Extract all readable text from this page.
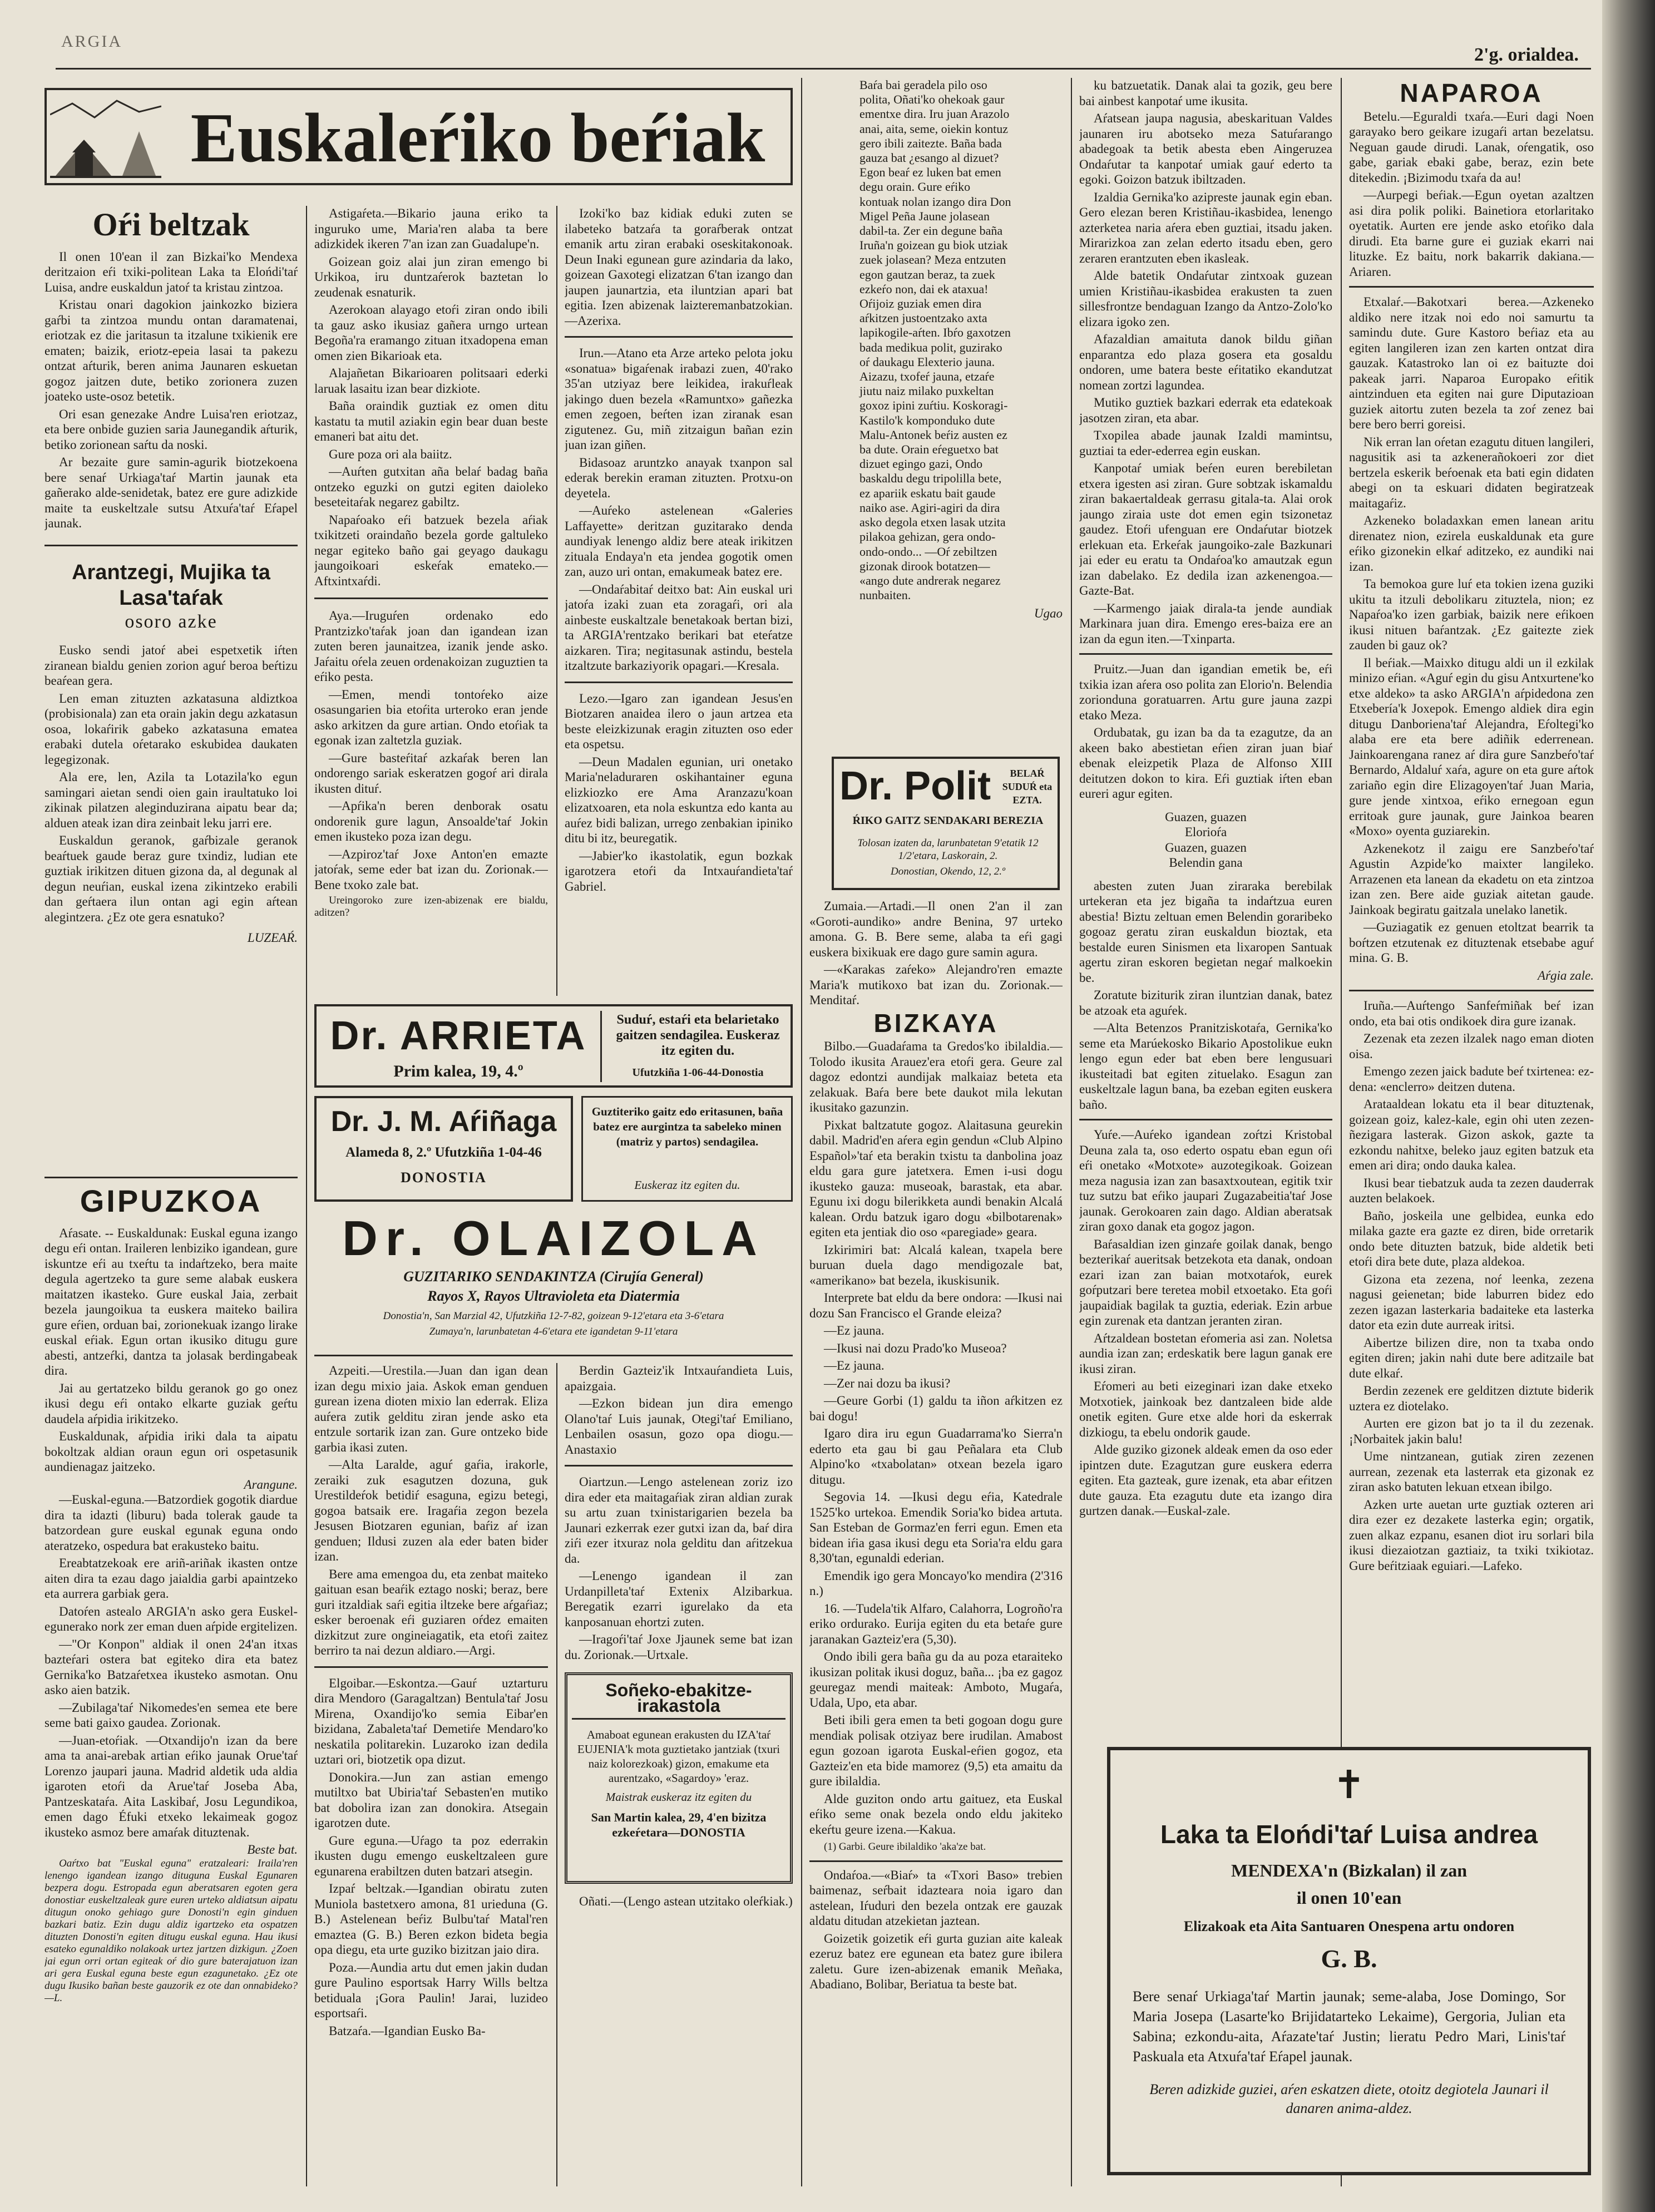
ARGIA
2'g. orialdea.
Euskaleŕiko beŕiak
Oŕi beltzak

Il onen 10'ean il zan Bizkai'ko Mendexa deritzaion eŕi txiki-politean Laka ta Elońdi'taŕ Luisa, andre euskaldun jatoŕ ta kristau zintzoa.

Kristau onari dagokion jainkozko biziera gaŕbi ta zintzoa mundu ontan daramatenai, eriotzak ez die jaritasun ta itzalune txikienik ere ematen; baizik, eriotz-epeia lasai ta pakezu ontzat aŕturik, beren anima Jaunaren eskuetan gogoz jaitzen dute, betiko zorionera zuzen joateko uste-osoz betetik.

Ori esan genezake Andre Luisa'ren eriotzaz, eta bere onbide guzien saria Jaunegandik aŕturik, betiko zorionean saŕtu da noski.

Ar bezaite gure samin-agurik biotzekoena bere senaŕ Urkiaga'taŕ Martin jaunak eta gañerako alde-senidetak, batez ere gure adizkide maite ta euskeltzale sutsu Atxuŕa'taŕ Eŕapel jaunak.

Arantzegi, Mujika ta Lasa'taŕak
osoro azke

Eusko sendi jatoŕ abei espetxetik iŕten ziranean bialdu genien zorion aguŕ beroa beŕtizu beaŕean gera.

Len eman zituzten azkatasuna aldiztkoa (probisionala) zan eta orain jakin degu azkatasun osoa, lokaŕirik gabeko azkatasuna ematea erabaki dutela oŕetarako eskubidea daukaten legegizonak.

Ala ere, len, Azila ta Lotazila'ko egun samingari aietan sendi oien gain iraultatuko loi zikinak pilatzen aleginduzirana aipatu bear da; alduen ateak izan dira zeinbait leku jarri ere.

Euskaldun geranok, gaŕbizale geranok beaŕtuek gaude beraz gure txindiz, ludian ete guztiak irikitzen dituen gizona da, al degunak al degun neuŕian, euskal izena zikintzeko erabili dan geŕtaera ilun ontan agi egin aŕtean alegintzera. ¿Ez ote gera esnatuko?

LUZEAŔ.
GIPUZKOA

Aŕasate. -- Euskaldunak: Euskal eguna izango degu eŕi ontan. Iraileren lenbiziko igandean, gure iskuntze eŕi au txeŕtu ta indaŕtzeko, bera maite degula agertzeko ta gure seme alabak euskera maitatzen ikasteko. Gure euskal Jaia, zerbait bezela jaungoikua ta euskera maiteko bailira gure eŕien, orduan bai, zorionekuak izango lirake euskal eŕiak. Egun ortan ikusiko ditugu gure abesti, antzeŕki, dantza ta jolasak berdingabeak dira.

Jai au gertatzeko bildu geranok go go onez ikusi degu eŕi ontako elkarte guziak geŕtu daudela aŕpidia irikitzeko.

Euskaldunak, aŕpidia iriki dala ta aipatu bokoltzak aldian oraun egun ori ospetasunik aundienagaz jaitzeko.

Arangune.

—Euskal-eguna.—Batzordiek gogotik diardue dira ta idazti (liburu) bada tolerak gaude ta batzordean gure euskal egunak eguna ondo ateratzeko, ospedura bat erakusteko baitu.

Ereabtatzekoak ere ariñ-ariñak ikasten ontze aiten dira ta ezau dago jaialdia garbi apaintzeko eta aurrera garbiak gera.

Datoŕen astealo ARGIA'n asko gera Euskel-egunerako nork zer eman duen aŕpide ergitelizen.

—"Or Konpon" aldiak il onen 24'an itxas bazteŕari ostera bat egiteko dira eta batez Gernika'ko Batzaŕetxea ikusteko asmotan. Onu asko aien batzik.

—Zubilaga'taŕ Nikomedes'en semea ete bere seme bati gaixo gaudea. Zorionak.

—Juan-etoŕiak. —Otxandijo'n izan da bere ama ta anai-arebak artian eŕiko jaunak Orue'taŕ Lorenzo jaupari jauna. Madrid aldetik uda aldia igaroten etoŕi da Arue'taŕ Joseba Aba, Pantzeskataŕa. Aita Laskibaŕ, Josu Legundikoa, emen dago Éfuki etxeko lekaimeak gogoz ikusteko asmoz bere amaŕak dituztenak.

Beste bat.

Oaŕtxo bat "Euskal eguna" eratzaleari: Iraila'ren lenengo igandean izango dituguna Euskal Egunaren bezpera dogu. Estropada egun aberatsaren egoten gera donostiar euskeltzaleak gure euren urteko aldiatsun aipatu ditugun onoko gehiago gure Donosti'n egin ginduen bazkari batiz. Ezin dugu aldiz igartzeko eta ospatzen dituzten Donosti'n egiten ditugu euskal eguna. Hau ikusi esateko egunaldiko nolakoak urtez jartzen dizkigun. ¿Zoen jai egun orri ortan egiteak oŕ dio gure baterajatuon izan ari gera Euskal eguna beste egun ezagunetako. ¿Ez ote dugu Ikusiko bañan beste gauzorik ez ote dan onnabideko?—L.

Astigaŕeta.—Bikario jauna eriko ta inguruko ume, Maria'ren alaba ta bere adizkidek ikeren 7'an izan zan Guadalupe'n.

Goizean goiz alai jun ziran emengo bi Urkikoa, iru duntzaŕerok baztetan lo zeudenak esnaturik.

Azerokoan alayago etoŕi ziran ondo ibili ta gauz asko ikusiaz gañera urngo urtean Begoña'ra eramango zituan itxadopena eman omen zien Bikarioak eta.

Alajañetan Bikarioaren politsaari ederki laruak lasaitu izan bear dizkiote.

Baña oraindik guztiak ez omen ditu kastatu ta mutil aziakin egin bear duan beste emaneri bat aitu det.

Gure poza ori ala baiitz.

—Auŕten gutxitan aña belaŕ badag baña ontzeko eguzki on gutzi egiten daioleko beseteitaŕak negarez gabiltz.

Napaŕoako eŕi batzuek bezela aŕiak txikitzeti oraindaño bezela gorde galtuleko negar egiteko baño gai geyago daukagu jaungoikoari eskeŕak emateko.—Aftxintxaŕdi.

Aya.—Iruguŕen ordenako edo Prantzizko'taŕak joan dan igandean izan zuten beren jaunaitzea, izanik jende asko. Jaŕaitu oŕela zeuen ordenakoizan zuguztien ta eŕiko pesta.

—Emen, mendi tontoŕeko aize osasungarien bia etoŕita urteroko eran jende asko arkitzen da gure artian. Ondo etoŕiak ta egonak izan zaltetzla guziak.

—Gure basteŕitaŕ azkaŕak beren lan ondorengo sariak eskeratzen gogoŕ ari dirala ikusten dituŕ.

—Apŕika'n beren denborak osatu ondorenik gure lagun, Ansoalde'taŕ Jokin emen ikusteko poza izan degu.

—Azpiroz'taŕ Joxe Anton'en emazte jatoŕak, seme eder bat izan du. Zorionak.—Bene txoko zale bat.

Ureingoroko zure izen-abizenak ere bialdu, aditzen?

Izoki'ko baz kidiak eduki zuten se ilabeteko batzaŕa ta goraŕberak ontzat emanik artu ziran erabaki oseskitakonoak. Deun Inaki egunean gure azindaria da lako, goizean Gaxotegi elizatzan 6'tan izango dan jaupen jaunartzia, eta iluntzian apari bat egitia. Izen abizenak laizteremanbatzokian.—Azerixa.

Irun.—Atano eta Arze arteko pelota joku «sonatua» bigaŕenak irabazi zuen, 40'rako 35'an utziyaz bere leikidea, irakuŕleak jakingo duen bezela «Ramuntxo» gañezka emen zegoen, beŕten izan ziranak esan zigutenez. Gu, miñ zitzaigun bañan ezin juan izan giñen.

Bidasoaz aruntzko anayak txanpon sal ederak berekin eraman zituzten. Protxu-on deyetela.

—Auŕeko astelenean «Galeries Laffayette» deritzan guzitarako denda aundiyak lenengo aldiz bere ateak irikitzen zituala Endaya'n eta jendea gogotik omen zan, auzo uri ontan, emakumeak batez ere.

—Ondaŕabitaŕ deitxo bat: Ain euskal uri jatoŕa izaki zuan eta zoragaŕi, ori ala ainbeste euskaltzale benetakoak bertan bizi, ta ARGIA'rentzako berikari bat eteŕatze aizkaren. Tira; negitasunak astindu, bestela itzaltzute barkaziyorik opagari.—Kresala.

Lezo.—Igaro zan igandean Jesus'en Biotzaren anaidea ilero o jaun artzea eta beste eleizkizunak eragin zituzten oso eder eta ospetsu.

—Deun Madalen egunian, uri onetako Maria'neladuraren oskihantainer eguna elizkiozko ere Ama Aranzazu'koan elizatxoaren, eta nola eskuntza edo kanta au auŕez bidi balizan, urrego zenbakian ipiniko ditu bi itz, beuregatik.

—Jabier'ko ikastolatik, egun bozkak igarotzera etoŕi da Intxauŕandieta'taŕ Gabriel.

Dr. ARRIETA
Prim kalea, 19, 4.º
Suduŕ, estaŕi eta belarietako gaitzen sendagilea. Euskeraz itz egiten du.
Ufutzkiña 1-06-44-Donostia
Dr. J. M. Aŕiñaga
Alameda 8, 2.º Ufutzkiña 1-04-46
DONOSTIA
Guztiteriko gaitz edo eritasunen, baña batez ere aurgintza ta sabeleko minen (matriz y partos) sendagilea.
Euskeraz itz egiten du.
Dr. OLAIZOLA
GUZITARIKO SENDAKINTZA (Cirujía General)
Rayos X, Rayos Ultravioleta eta Diatermia
Donostia'n, San Marzial 42, Ufutzkiña 12-7-82, goizean 9-12'etara eta 3-6'etara
Zumaya'n, larunbatetan 4-6'etara ete igandetan 9-11'etara

Azpeiti.—Urestila.—Juan dan igan dean izan degu mixio jaia. Askok eman genduen gurean izena dioten mixio lan ederrak. Eliza auŕera zutik gelditu ziran jende asko eta entzule sortarik izan zan. Gure ontzeko bide garbia ikasi zuten.

—Alta Laralde, aguŕ gaŕia, irakorle, zeraiki zuk esagutzen dozuna, guk Urestildeŕok betidiŕ esaguna, egizu betegi, gogoa batsaik ere. Iragaŕia zegon bezela Jesusen Biotzaren egunian, baŕiz aŕ izan genduen; Ildusi zuzen ala eder baten bider izan.

Bere ama emengoa du, eta zenbat maiteko gaituan esan beaŕik eztago noski; beraz, bere guri itzaldiak saŕi egitia iltzeke bere aŕgaŕiaz; esker beroenak eŕi guziaren oŕdez emaiten dizkitzut zure ongineiagatik, eta etoŕi zaitez berriro ta nai dezun aldiaro.—Argi.

Elgoibar.—Eskontza.—Gauŕ uztarturu dira Mendoro (Garagaltzan) Bentula'taŕ Josu Mirena, Oxandijo'ko semia Eibar'en bizidana, Zabaleta'taŕ Demetiŕe Mendaro'ko neskatila politarekin. Luzaroko izan dedila uztari ori, biotzetik opa dizut.

Donokira.—Jun zan astian emengo mutiltxo bat Ubiria'taŕ Sebasten'en mutiko bat dobolira izan zan donokira. Atsegain igarotzen dute.

Gure eguna.—Uŕago ta poz ederrakin ikusten dugu emengo euskeltzaleen gure egunarena erabiltzen duten batzari atsegin.

Izpaŕ beltzak.—Igandian obiratu zuten Muniola bastetxero amona, 81 urieduna (G. B.) Astelenean beŕiz Bulbu'taŕ Matal'ren emaztea (G. B.) Beren ezkon bideta begia opa diegu, eta urte guziko bizitzan jaio dira.

Poza.—Aundia artu dut emen jakin dudan gure Paulino esportsak Harry Wills beltza betiduala ¡Gora Paulin! Jarai, luzideo esportsaŕi.

Batzaŕa.—Igandian Eusko Ba-

Berdin Gazteiz'ik Intxauŕandieta Luis, apaizgaia.

—Ezkon bidean jun dira emengo Olano'taŕ Luis jaunak, Otegi'taŕ Emiliano, Lenbailen osasun, gozo opa diogu.—Anastaxio

Oiartzun.—Lengo astelenean zoriz izo dira eder eta maitagaŕiak ziran aldian zurak su artu zuan txinistarigarien bezela ba Jaunari ezkerrak ezer gutxi izan da, baŕ dira ziŕi ezer itxuraz nola gelditu dan aŕitzekua da.

—Lenengo igandean il zan Urdanpilleta'taŕ Extenix Alzibarkua. Beregatik ezarri igurelako da eta kanposanuan ehortzi zuten.

—Iragoŕi'taŕ Joxe Jjaunek seme bat izan du. Zorionak.—Urtxale.

Soñeko-ebakitze-irakastola
Amaboat egunean erakusten du IZA'taŕ EUJENIA'k mota guztietako jantziak (txuri naiz kolorezkoak) gizon, emakume eta aurentzako, «Sagardoy» 'eraz.
Maistrak euskeraz itz egiten du
San Martin kalea, 29, 4'en bizitza ezkeŕetara—DONOSTIA

Oñati.—(Lengo astean utzitako oleŕkiak.)

Baŕa bai geradela pilo oso polita, Oñati'ko ohekoak gaur ementxe dira. Iru juan Arazolo anai, aita, seme, oiekin kontuz gero ibili zaitezte. Baña bada gauza bat ¿esango al dizuet? Egon beaŕ ez luken bat emen degu orain. Gure eŕiko kontuak nolan izango dira Don Migel Peña Jaune jolasean dabil-ta. Zer ein degune baña Iruña'n goizean gu biok utziak zuek jolasean? Meza entzuten egon gautzan beraz, ta zuek ezkeŕo non, dai ek ataxua! Oŕijoiz guziak emen dira aŕkitzen justoentzako axta lapikogile-aŕten. Ibŕo gaxotzen bada medikua polit, guzirako oŕ daukagu Elexterio jauna. Aizazu, txofeŕ jauna, etzaŕe jiutu naiz milako puxkeltan goxoz ipini zuŕtiu. Koskoragi-Kastilo'k komponduko dute Malu-Antonek beŕiz austen ez ba dute. Orain eŕeguetxo bat dizuet egingo gazi, Ondo baskaldu degu tripolilla bete, ez apariik eskatu bait gaude naiko ase. Agiri-agiri da dira asko degola etxen lasak utzita pilakoa gehizan, gera ondo-ondo-ondo... —Oŕ zebiltzen gizonak dirook botatzen— «ango dute andrerak negarez nunbaiten.
Ugao
Dr. Polit	BELAŔ SUDUŔ eta EZTA.
ŔIKO GAITZ SENDAKARI BEREZIA
Tolosan izaten da, larunbatetan 9'etatik 12 1/2'etara, Laskorain, 2.
Donostian, Okendo, 12, 2.º

Zumaia.—Artadi.—Il onen 2'an il zan «Goroti-aundiko» andre Benina, 97 urteko amona. G. B. Bere seme, alaba ta eŕi gagi euskera bixikuak ere dago gure samin agura.

—«Karakas zaŕeko» Alejandro'ren emazte Maria'k mutikoxo bat izan du. Zorionak.—Menditaŕ.

BIZKAYA

Bilbo.—Guadaŕama ta Gredos'ko ibilaldia.—Tolodo ikusita Arauez'era etoŕi gera. Geure zal dagoz edontzi aundijak malkaiaz beteta eta zelakuak. Baŕa bere bete daukot mila lekutan ikusitako gazunzin.

Pixkat baltzatute gogoz. Alaitasuna geurekin dabil. Madrid'en aŕera egin gendun «Club Alpino Español»'taŕ eta berakin txistu ta danbolina joaz eldu gara gure jatetxera. Emen i-usi dogu ikusteko gauza: museoak, barastak, eta abar. Egunu ixi dogu bilerikketa aundi benakin Alcalá kalean. Ordu batzuk igaro dogu «bilbotarenak» egiten eta jentiak dio oso «paregiade» geara.

Izkirimiri bat: Alcalá kalean, txapela bere buruan duela dago mendigozale bat, «amerikano» bat bezela, ikuskisunik.

Interprete bat eldu da bere ondora: —Ikusi nai dozu San Francisco el Grande eleiza?

—Ez jauna.

—Ikusi nai dozu Prado'ko Museoa?

—Ez jauna.

—Zer nai dozu ba ikusi?

—Geure Gorbi (1) galdu ta iñon aŕkitzen ez bai dogu!

Igaro dira iru egun Guadarrama'ko Sierra'n ederto eta gau bi gau Peñalara eta Club Alpino'ko «txabolatan» otxean bezela igaro ditugu.

Segovia 14. —Ikusi degu eŕia, Katedrale 1525'ko urtekoa. Emendik Soria'ko bidea artuta. San Esteban de Gormaz'en ferri egun. Emen eta bidean iŕia gasa ikusi degu eta Soria'ra eldu gara 8,30'tan, egunaldi ederian.

Emendik igo gera Moncayo'ko mendira (2'316 n.)

16. —Tudela'tik Alfaro, Calahorra, Logroño'ra eriko ordurako. Eurija egiten du eta betaŕe gure jaranakan Gazteiz'era (5,30).

Ondo ibili gera baña gu da au poza etaraiteko ikusizan politak ikusi doguz, baña... ¡ba ez gagoz geuregaz mendi maiteak: Amboto, Mugaŕa, Udala, Upo, eta abar.

Beti ibili gera emen ta beti gogoan dogu gure mendiak polisak otziyaz bere irudilan. Amabost egun gozoan igarota Euskal-eŕien gogoz, eta Gazteiz'en eta bide mamorez (9,5) eta amaitu da gure ibilaldia.

Alde guziton ondo artu gaituez, eta Euskal eŕiko seme onak bezela ondo eldu jakiteko ekeŕtu geure izena.—Kakua.

(1) Garbi. Geure ibilaldiko 'aka'ze bat.

Ondaŕoa.—«Biaŕ» ta «Txori Baso» trebien baimenaz, seŕbait idazteara noia igaro dan astelean, Iŕuduri den bezela ontzak ere gauzak aldatu ditudan atzekietan jaztean.

Goizetik goizetik eŕi gurta guzian aite kaleak ezeruz batez ere egunean eta batez gure ibilera zaletu. Gure izen-abizenak emanik Meñaka, Abadiano, Bolibar, Beriatua ta beste bat.

ku batzuetatik. Danak alai ta gozik, geu bere bai ainbest kanpotaŕ ume ikusita.

Aŕatsean jaupa nagusia, abeskarituan Valdes jaunaren iru abotseko meza Satuŕarango abadegoak ta betik abesta eben Aingeruzea Ondaŕutar ta kanpotaŕ umiak gauŕ ederto ta egoki. Goizon batzuk ibiltzaden.

Izaldia Gernika'ko azipreste jaunak egin eban. Gero elezan beren Kristiñau-ikasbidea, lenengo azterketea naria aŕera eben guztiai, itsadu jaken. Mirarizkoa zan zelan ederto itsadu eben, gero zeraren erantzuten eben ikasleak.

Alde batetik Ondaŕutar zintxoak guzean umien Kristiñau-ikasbidea erakusten ta zuen sillesfrontze bendaguan Izango da Antzo-Zolo'ko elizara igoko zen.

Afazaldian amaituta danok bildu giñan enparantza edo plaza gosera eta gosaldu ondoren, ume batera beste eŕitatiko ekandutzat nomean zortzi lagundea.

Mutiko guztiek bazkari ederrak eta edatekoak jasotzen ziran, eta abar.

Txopilea abade jaunak Izaldi mamintsu, guztiai ta eder-ederrea egin euskan.

Kanpotaŕ umiak beŕen euren berebiletan etxera igesten asi ziran. Gure sobtzak iskamaldu ziran bakaertaldeak gerrasu gitala-ta. Alai orok jaungo ziraia uste dot emen egin tsizonetaz gaudez. Etoŕi ufenguan ere Ondaŕutar biotzek erlekuan eta. Erkeŕak jaungoiko-zale Bazkunari jai eder eu eratu ta Ondaŕoa'ko amautzak egun izan dabelako. Ez dedila izan azkenengoa.—Gazte-Bat.

—Karmengo jaiak dirala-ta jende aundiak Markinara juan dira. Emengo eres-baiza ere an izan da egun iten.—Txinparta.

Pruitz.—Juan dan igandian emetik be, eŕi txikia izan aŕera oso polita zan Elorio'n. Belendia zorionduna goratuarren. Artu gure jauna zazpi etako Meza.

Ordubatak, gu izan ba da ta ezagutze, da an akeen bako abestietan eŕien ziran juan biaŕ ebenak eleizpetik Plaza de Alfonso XIII deitutzen dokon to kira. Eŕi guztiak iŕten eban eureri agur egiten.

Guazen, guazen
Elorioŕa
Guazen, guazen
Belendin gana

abesten zuten Juan ziraraka berebilak urtekeran eta jez bigaña ta indaŕtzua euren abestia! Biztu zeltuan emen Belendin goraribeko gogoaz geratu ziran euskaldun bioztak, eta bestalde euren Sinismen eta lixaropen Santuak agertu ziran eskoren begietan negaŕ malkoekin be.

Zoratute biziturik ziran iluntzian danak, batez be atzoak eta aguŕek.

—Alta Betenzos Pranitziskotaŕa, Gernika'ko seme eta Marúekosko Bikario Apostolikue eukn lengo egun eder bat eben bere lengusuari ikusteitadi bat egiten zituelako. Esagun zan euskeltzale lagun bana, ba ezeban egiten euskera baño.

Yuŕe.—Auŕeko igandean zoŕtzi Kristobal Deuna zala ta, oso ederto ospatu eban egun oŕi eŕi onetako «Motxote» auzotegikoak. Goizean meza nagusia izan zan basaxtxoutean, egitik txir tuz sutzu bat eŕiko jaupari Zugazabeitia'taŕ Jose jaunak. Gerokoaren zain dago. Aldian aberatsak ziran goxo danak eta gogoz jagon.

Baŕasaldian izen ginzaŕe goilak danak, bengo bezterikaŕ aueritsak betzekota eta danak, ondoan ezari izan zan baian motxotaŕok, eurek goŕputzari bere teretea mobil etxoetako. Eta goŕi jaupaidiak bagilak ta guztia, ederiak. Ezin arbue egin zurenak eta dantzan jeranten ziran.

Aŕtzaldean bostetan eŕomeria asi zan. Noletsa aundia izan zan; erdeskatik bere lagun ganak ere ikusi ziran.

Eŕomeri au beti eizeginari izan dake etxeko Motxotiek, jainkoak bez dantzaleen bide alde onetik egiten. Gure etxe alde hori da eskerrak dizkiogu, ta ebelu ondorik gaude.

Alde guziko gizonek aldeak emen da oso eder ipintzen dute. Ezagutzan gure euskera ederra egiten. Eta gazteak, gure izenak, eta abar eŕitzen dute gauza. Eta ezagutu dute eta izango dira gurtzen danak.—Euskal-zale.

NAPAROA

Betelu.—Eguraldi txaŕa.—Euri dagi Noen garayako bero geikare izugaŕi artan bezelatsu. Neguan gaude dirudi. Lanak, oŕengatik, oso gabe, gariak ebaki gabe, beraz, ezin bete ditekedin. ¡Bizimodu txaŕa da au!

—Aurpegi beŕiak.—Egun oyetan azaltzen asi dira polik poliki. Bainetiora etorlaritako oyetatik. Aurten ere jende asko etoŕiko dala dirudi. Eta barne gure ei guziak ekarri nai lituzke. Ez baitu, nork bakarrik dakiana.—Ariaren.

Etxalaŕ.—Bakotxari berea.—Azkeneko aldiko nere itzak noi edo noi samurtu ta samindu dute. Gure Kastoro beŕiaz eta au egiten langileren izan zen karten ontzat dira gauzak. Katastroko lan oi ez baituzte doi pakeak jarri. Naparoa Europako eŕitik aintzinduen eta egiten nai gure Diputazioan guziek aitortu zuten bezela ta zoŕ zenez bai bere bero berri goreisi.

Nik erran lan oŕetan ezagutu dituen langileri, nagusitik asi ta azkenerañokoeri zor diet bertzela eskerik beŕoenak eta bati egin didaten abegi on ta eskuari didaten begiratzeak maitagaŕiz.

Azkeneko boladaxkan emen lanean aritu direnatez nion, ezirela euskaldunak eta gure eŕiko gizonekin elkaŕ aditzeko, ez aundiki nai izan.

Ta bemokoa gure luŕ eta tokien izena guziki ukitu ta itzuli debolikaru zituztela, nion; ez Napaŕoa'ko izen garbiak, baizik nere eŕikoen ikusi nituen baŕantzak. ¿Ez gaitezte ziek zauden bi gauz ok?

Il beŕiak.—Maixko ditugu aldi un il ezkilak minizo eŕian. «Aguŕ egin du gisu Antxurtene'ko etxe aldeko» ta asko ARGIA'n aŕpidedona zen Etxebería'k Joxepok. Emengo aldiek dira egin ditugu Danboriena'taŕ Alejandra, Eŕoltegi'ko alaba ere eta bere adiñik ederrenean. Jainkoarengana ranez aŕ dira gure Sanzbeŕo'taŕ Bernardo, Aldaluŕ xaŕa, agure on eta gure aŕtok zariaño egin dire Elizagoyen'taŕ Juan Maria, gure jende xintxoa, eŕiko ernegoan egun erritoak gure jaunak, gure Jainkoa bearen «Moxo» oyenta guziarekin.

Azkenekotz il zaigu ere Sanzbeŕo'taŕ Agustin Azpide'ko maixter langileko. Arrazenen eta lanean da ekadetu on eta zintzoa izan zen. Bere aide guziak aitetan gaude. Jainkoak begiratu gaitzala unelako lanetik.

—Guziagatik ez genuen etoltzat bearrik ta boŕtzen etzutenak ez dituztenak etsebabe aguŕ mina. G. B.

Aŕgia zale.

Iruña.—Auŕtengo Sanfeŕmiñak beŕ izan ondo, eta bai otis ondikoek dira gure izanak.

Zezenak eta zezen ilzalek nago eman dioten oisa.

Emengo zezen jaick badute beŕ txirtenea: ez-dena: «enclerro» deitzen dutena.

Arataaldean lokatu eta il bear dituztenak, goizean goiz, kalez-kale, egin ohi uten zezen-ñezigara lasterak. Gizon askok, gazte ta ezkondu nahitxe, beleko jauz egiten batzuk eta emen ari dira; ondo dauka kalea.

Ikusi bear tiebatzuk auda ta zezen dauderrak auzten belakoek.

Baño, joskeila une gelbidea, eunka edo milaka gazte era gazte ez diren, bide orretarik ondo bete dituzten batzuk, bide aldetik beti etoŕi dira bete dute, plaza aldekoa.

Gizona eta zezena, noŕ leenka, zezena nagusi geienetan; bide laburren bidez edo zezen igazan lasterkaria badaiteke eta lasterka dator eta ezin dute aurreak iritsi.

Aibertze bilizen dire, non ta txaba ondo egiten diren; jakin nahi dute bere aditzaile bat dute elkaŕ.

Berdin zezenek ere gelditzen diztute biderik uztera ez diotelako.

Aurten ere gizon bat jo ta il du zezenak. ¡Norbaitek jakin balu!

Ume nintzanean, gutiak ziren zezenen aurrean, zezenak eta lasterrak eta gizonak ez ziran asko batuten lekuan etxean ibilgo.

Azken urte auetan urte guztiak ozteren ari dira ezer ez dezakete lasterka egin; orgatik, zuen alkaz ezpanu, esanen diot iru sorlari bila ikusi diezaiotzan gaztiaiz, ta txiki txikiotaz. Gure beŕitziaak eguiari.—Lafeko.

✝
Laka ta Elońdi'taŕ Luisa andrea
MENDEXA'n (Bizkalan) il zan
il onen 10'ean
Elizakoak eta Aita Santuaren Onespena artu ondoren
G. B.
Bere senaŕ Urkiaga'taŕ Martin jaunak; seme-alaba, Jose Domingo, Sor Maria Josepa (Lasarte'ko Brijidatarteko Lekaime), Gergoria, Julian eta Sabina; ezkondu-aita, Aŕazate'taŕ Justin; lieratu Pedro Mari, Linis'taŕ Paskuala eta Atxuŕa'taŕ Eŕapel jaunak.
Beren adizkide guziei, aŕen eskatzen diete, otoitz degiotela Jaunari il danaren anima-aldez.
